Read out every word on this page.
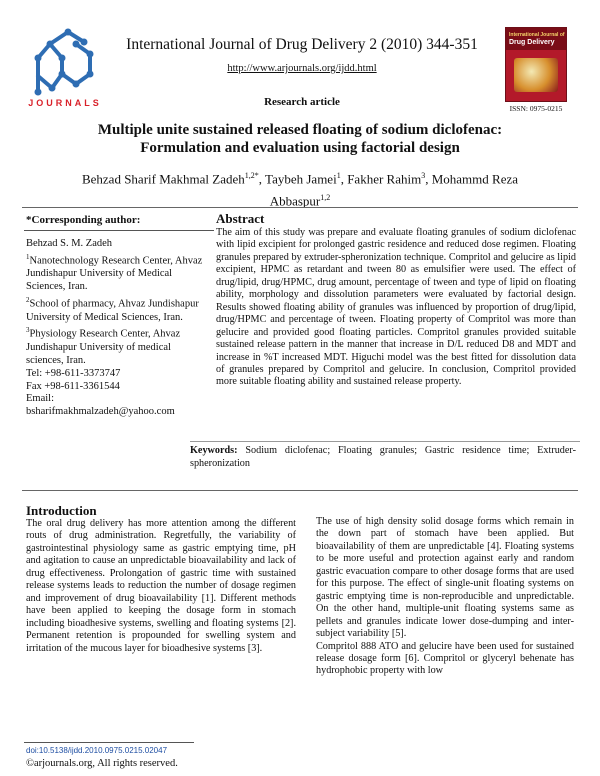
JOURNALS
International Journal of Drug Delivery 2 (2010) 344-351
http://www.arjournals.org/ijdd.html
Research article
International Journal of
Drug Delivery
ISSN: 0975-0215
Multiple unite sustained released floating of sodium diclofenac:
Formulation and evaluation using factorial design
Behzad Sharif Makhmal Zadeh$^{1,2*}$, Taybeh Jamei$^1$, Fakher Rahim$^3$, Mohammd Reza Abbaspur$^{1,2}$
*Corresponding author:

Behzad S. M. Zadeh

$^1$Nanotechnology Research Center, Ahvaz Jundishapur University of Medical Sciences, Iran.

$^2$School of pharmacy, Ahvaz Jundishapur University of Medical Sciences, Iran.

$^3$Physiology Research Center, Ahvaz Jundishapur University of medical sciences, Iran.

Tel: +98-611-3373747

Fax +98-611-3361544

Email:

bsharifmakhmalzadeh@yahoo.com

Abstract
The aim of this study was prepare and evaluate floating granules of sodium diclofenac with lipid excipient for prolonged gastric residence and reduced dose regimen. Floating granules prepared by extruder-spheronization technique. Compritol and gelucire as lipid excipient, HPMC as retardant and tween 80 as emulsifier were used. The effect of drug/lipid, drug/HPMC, drug amount, percentage of tween and type of lipid on floating ability, morphology and dissolution parameters were evaluated by factorial design. Results showed floating ability of granules was influenced by proportion of drug/lipid, drug/HPMC and percentage of tween. Floating property of Compritol was more than gelucire and provided good floating particles. Compritol granules provided suitable sustained release pattern in the manner that increase in D/L reduced D8 and MDT and increase in %T increased MDT. Higuchi model was the best fitted for dissolution data of granules prepared by Compritol and gelucire. In conclusion, Compritol provided more suitable floating ability and sustained release property.
Keywords: Sodium diclofenac; Floating granules; Gastric residence time; Extruder-spheronization
Introduction
The oral drug delivery has more attention among the different routs of drug administration. Regretfully, the variability of gastrointestinal physiology same as gastric emptying time, pH and agitation to cause an unpredictable bioavailability and lack of drug effectiveness. Prolongation of gastric time with sustained release systems leads to reduction the number of dosage regimen and improvement of drug bioavailability [1]. Different methods have been applied to keeping the dosage form in stomach including bioadhesive systems, swelling and floating systems [2]. Permanent retention is propounded for swelling system and irritation of the mucous layer for bioadhesive systems [3].

The use of high density solid dosage forms which remain in the down part of stomach have been applied. But bioavailability of them are unpredictable [4]. Floating systems to be more useful and protection against early and random gastric evacuation compare to other dosage forms that are used for this purpose. The effect of single-unit floating systems on gastric emptying time is non-reproducible and unpredictable. On the other hand, multiple-unit floating systems same as pellets and granules indicate lower dose-dumping and inter-subject variability [5].

Compritol 888 ATO and gelucire have been used for sustained release dosage form [6]. Compritol or glyceryl behenate has hydrophobic property with low

doi:10.5138/ijdd.2010.0975.0215.02047
©arjournals.org, All rights reserved.
